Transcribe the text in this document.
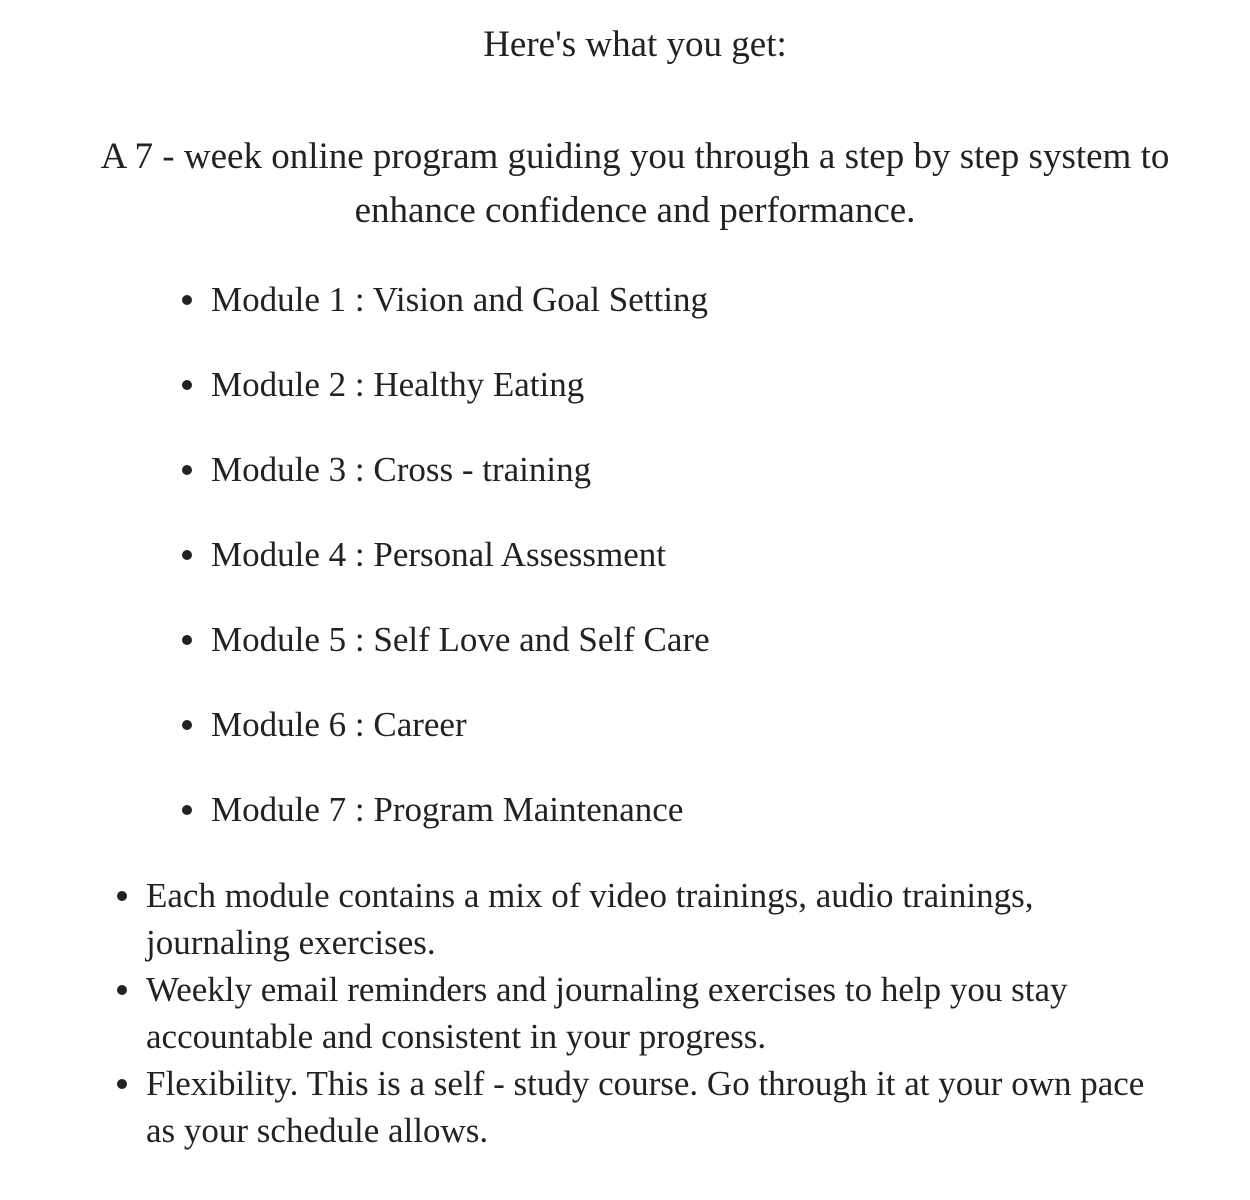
Here's what you get:

A 7 - week online program guiding you through a step by step system to enhance confidence and performance.

Module 1 : Vision and Goal Setting
Module 2 : Healthy Eating
Module 3 : Cross - training
Module 4 : Personal Assessment
Module 5 : Self Love and Self Care
Module 6 : Career
Module 7 : Program Maintenance
Each module contains a mix of video trainings, audio trainings, journaling exercises.
Weekly email reminders and journaling exercises to help you stay accountable and consistent in your progress.
Flexibility. This is a self - study course. Go through it at your own pace as your schedule allows.
